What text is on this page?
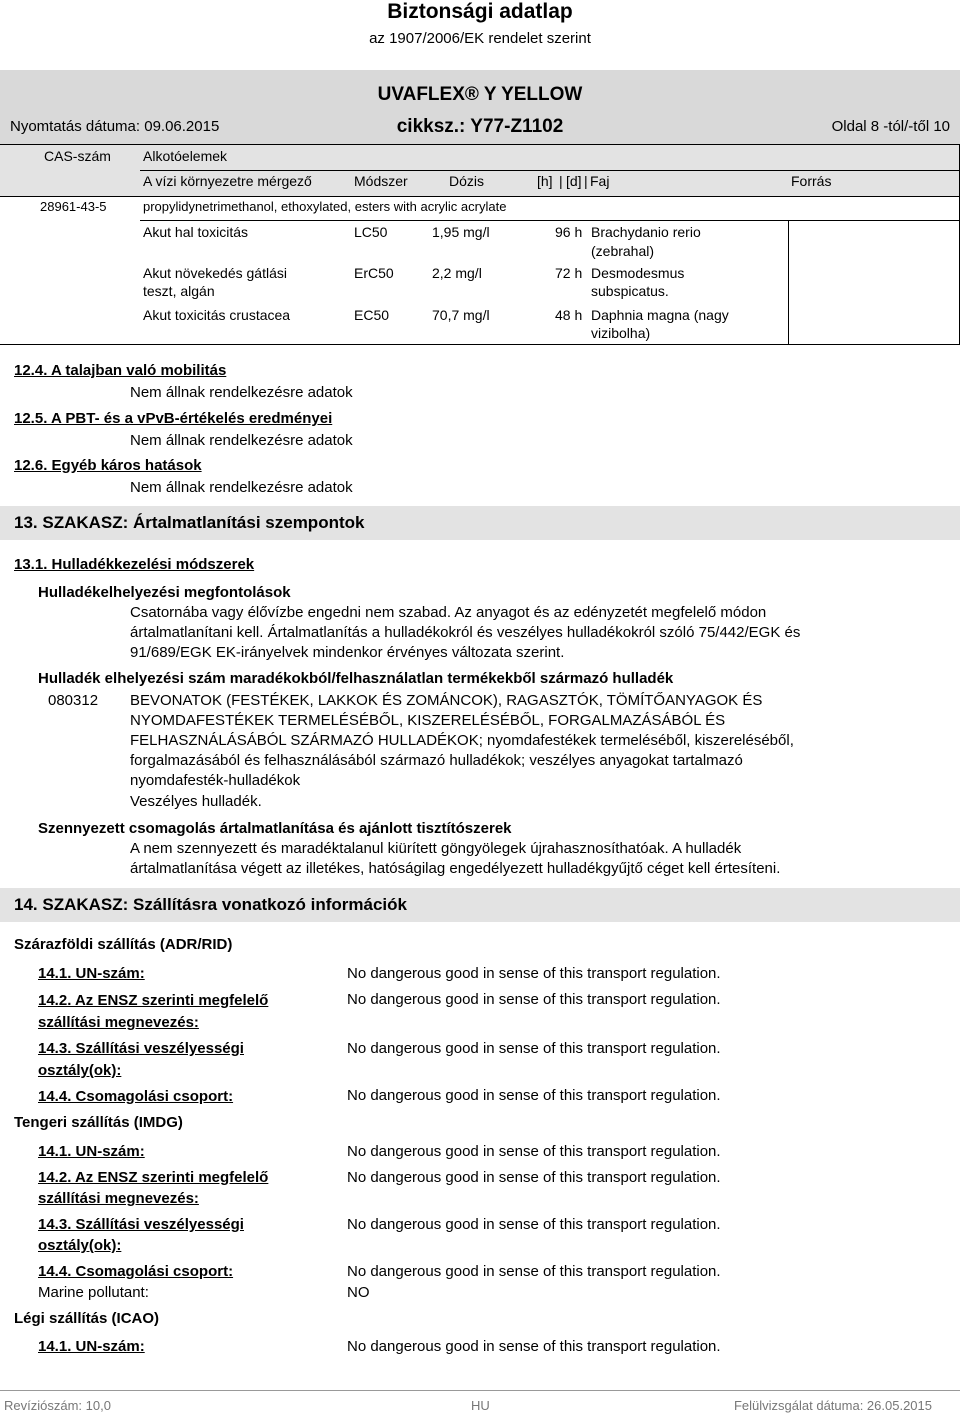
Biztonsági adatlap
az 1907/2006/EK rendelet szerint
UVAFLEX® Y YELLOW
Nyomtatás dátuma: 09.06.2015	cikksz.: Y77-Z1102	Oldal 8 -tól/-től 10
CAS-szám Alkotóelemek
A vízi környezetre mérgező	Módszer	Dózis	[h] | [d] | Faj	Forrás
28961-43-5	propylidynetrimethanol, ethoxylated, esters with acrylic acrylate
Akut hal toxicitás	LC50	1,95 mg/l	96 h Brachydanio rerio
(zebrahal)
Akut növekedés gátlási
teszt, algán
ErC50	2,2 mg/l	72 h Desmodesmus
subspicatus.
Akut toxicitás crustacea	EC50	70,7 mg/l	48 h Daphnia magna (nagy
vizibolha)
12.4. A talajban való mobilitás
Nem állnak rendelkezésre adatok
12.5. A PBT- és a vPvB-értékelés eredményei
Nem állnak rendelkezésre adatok
12.6. Egyéb káros hatások
Nem állnak rendelkezésre adatok
13. SZAKASZ: Ártalmatlanítási szempontok
13.1. Hulladékkezelési módszerek
Hulladékelhelyezési megfontolások
Csatornába vagy élővízbe engedni nem szabad. Az anyagot és az edényzetét megfelelő módon
ártalmatlanítani kell. Ártalmatlanítás a hulladékokról és veszélyes hulladékokról szóló 75/442/EGK és
91/689/EGK EK-irányelvek mindenkor érvényes változata szerint.
Hulladék elhelyezési szám maradékokból/felhasználatlan termékekből származó hulladék
080312 BEVONATOK (FESTÉKEK, LAKKOK ÉS ZOMÁNCOK), RAGASZTÓK, TÖMÍTŐANYAGOK ÉS
NYOMDAFESTÉKEK TERMELÉSÉBŐL, KISZERELÉSÉBŐL, FORGALMAZÁSÁBÓL ÉS
FELHASZNÁLÁSÁBÓL SZÁRMAZÓ HULLADÉKOK; nyomdafestékek termeléséből, kiszereléséből,
forgalmazásából és felhasználásából származó hulladékok; veszélyes anyagokat tartalmazó
nyomdafesték-hulladékok
Veszélyes hulladék.
Szennyezett csomagolás ártalmatlanítása és ajánlott tisztítószerek
A nem szennyezett és maradéktalanul kiürített göngyölegek újrahasznosíthatóak. A hulladék
ártalmatlanítása végett az illetékes, hatóságilag engedélyezett hulladékgyűjtő céget kell értesíteni.
14. SZAKASZ: Szállításra vonatkozó információk
Szárazföldi szállítás (ADR/RID)
14.1. UN-szám:	No dangerous good in sense of this transport regulation.
14.2. Az ENSZ szerinti megfelelő
szállítási megnevezés:
No dangerous good in sense of this transport regulation.
14.3. Szállítási veszélyességi
osztály(ok):
No dangerous good in sense of this transport regulation.
14.4. Csomagolási csoport:	No dangerous good in sense of this transport regulation.
Tengeri szállítás (IMDG)
14.1. UN-szám:	No dangerous good in sense of this transport regulation.
14.2. Az ENSZ szerinti megfelelő
szállítási megnevezés:
No dangerous good in sense of this transport regulation.
14.3. Szállítási veszélyességi
osztály(ok):
No dangerous good in sense of this transport regulation.
14.4. Csomagolási csoport:	No dangerous good in sense of this transport regulation.
Marine pollutant:	NO
Légi szállítás (ICAO)
14.1. UN-szám:	No dangerous good in sense of this transport regulation.
Revíziószám: 10,0	HU	Felülvizsgálat dátuma: 26.05.2015
